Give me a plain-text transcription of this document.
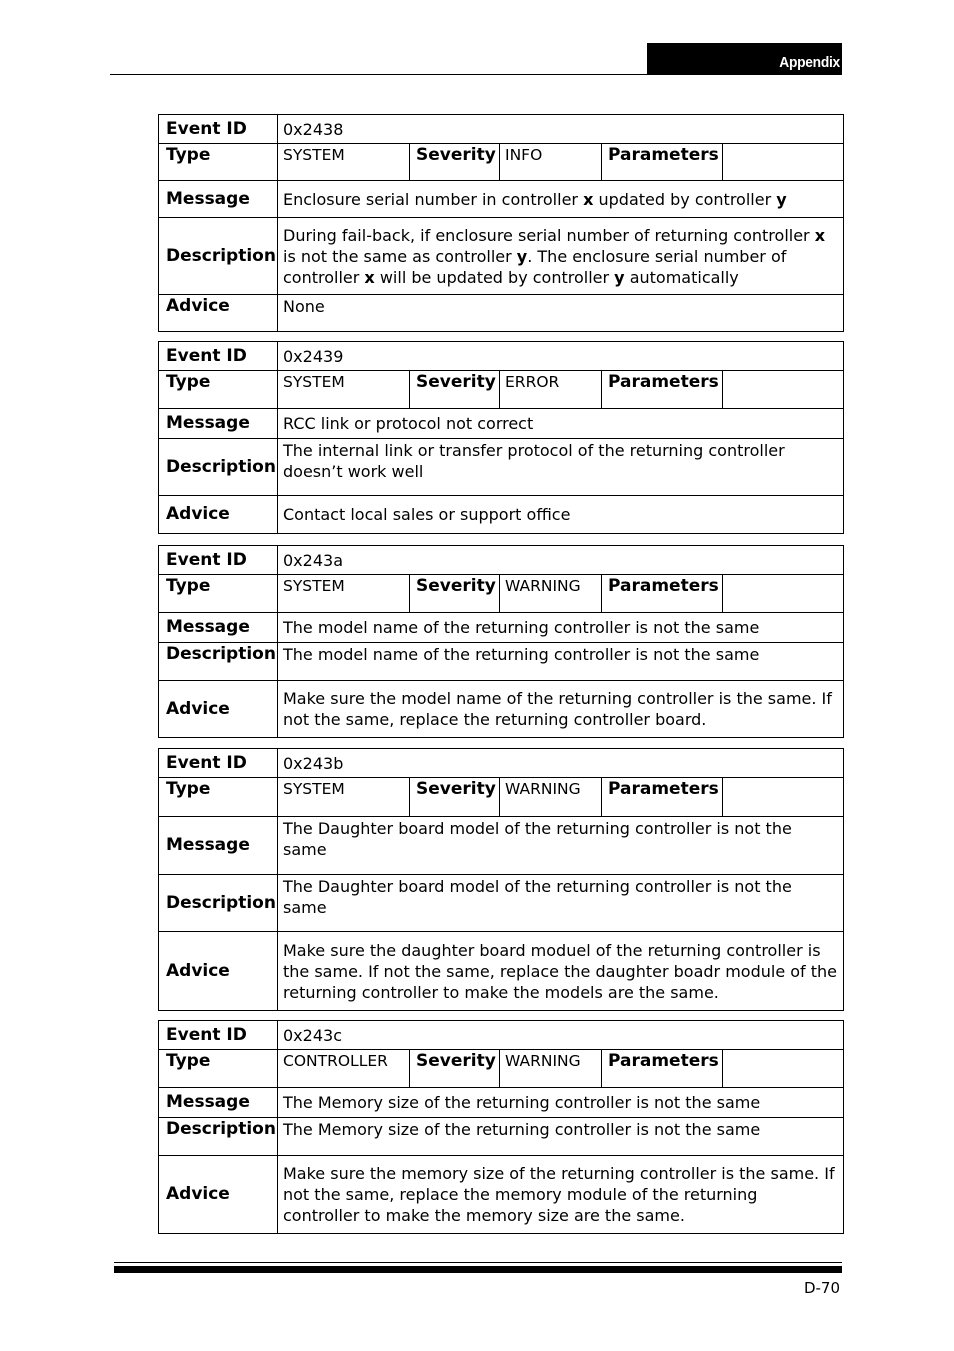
Appendix
Event ID	0x2438				
Type	SYSTEM	Severity	INFO	Parameters	
Message	Enclosure serial number in controller x updated by controller y				
Description	During fail-back, if enclosure serial number of returning controller x is not the same as controller y. The enclosure serial number of controller x will be updated by controller y automatically				
Advice	None				
Event ID	0x2439				
Type	SYSTEM	Severity	ERROR	Parameters	
Message	RCC link or protocol not correct				
Description	The internal link or transfer protocol of the returning controller doesn’t work well				
Advice	Contact local sales or support office				
Event ID	0x243a				
Type	SYSTEM	Severity	WARNING	Parameters	
Message	The model name of the returning controller is not the same				
Description	The model name of the returning controller is not the same				
Advice	Make sure the model name of the returning controller is the same. If not the same, replace the returning controller board.				
Event ID	0x243b				
Type	SYSTEM	Severity	WARNING	Parameters	
Message	The Daughter board model of the returning controller is not the same				
Description	The Daughter board model of the returning controller is not the same				
Advice	Make sure the daughter board moduel of the returning controller is the same. If not the same, replace the daughter boadr module of the returning controller to make the models are the same.				
Event ID	0x243c				
Type	CONTROLLER	Severity	WARNING	Parameters	
Message	The Memory size of the returning controller is not the same				
Description	The Memory size of the returning controller is not the same				
Advice	Make sure the memory size of the returning controller is the same. If not the same, replace the memory module of the returning controller to make the memory size are the same.				
D-70
